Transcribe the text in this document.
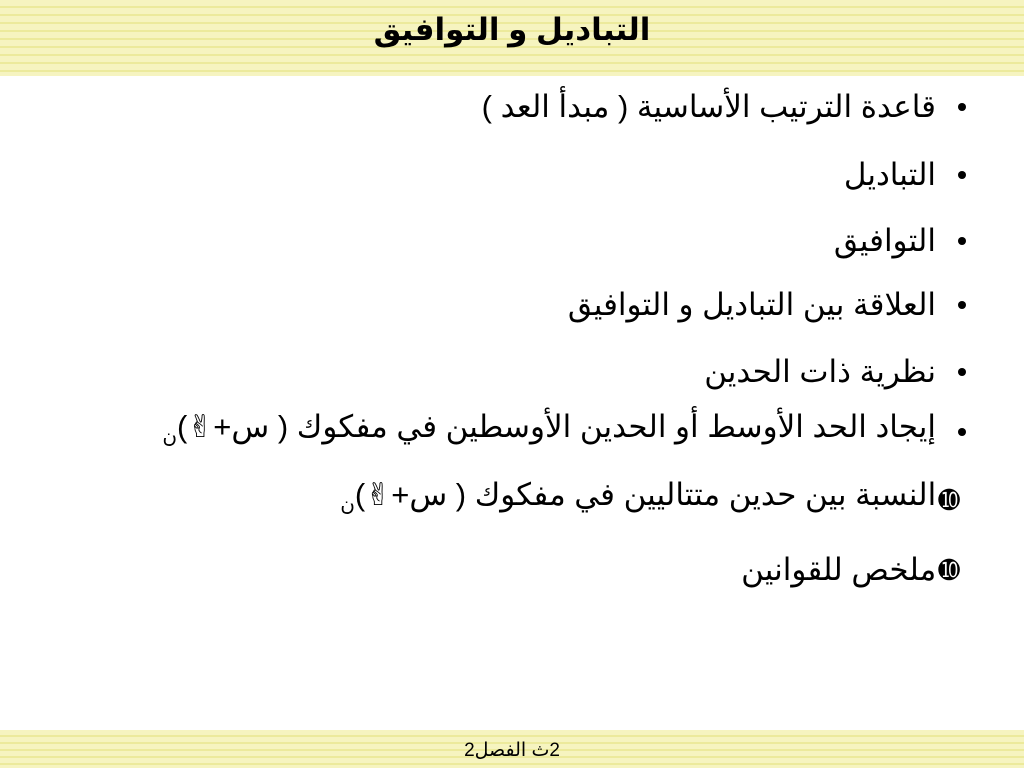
التباديل و التوافيق
قاعدة الترتيب الأساسية ( مبدأ العد )
التباديل
التوافيق
العلاقة بين التباديل و التوافيق
نظرية ذات الحدين
إيجاد الحد الأوسط أو الحدين الأوسطين في مفكوك ( س+✌)ن
➓
النسبة بين حدين متتاليين في مفكوك ( س+✌)ن
➓
ملخص للقوانين
2ث الفصل2
